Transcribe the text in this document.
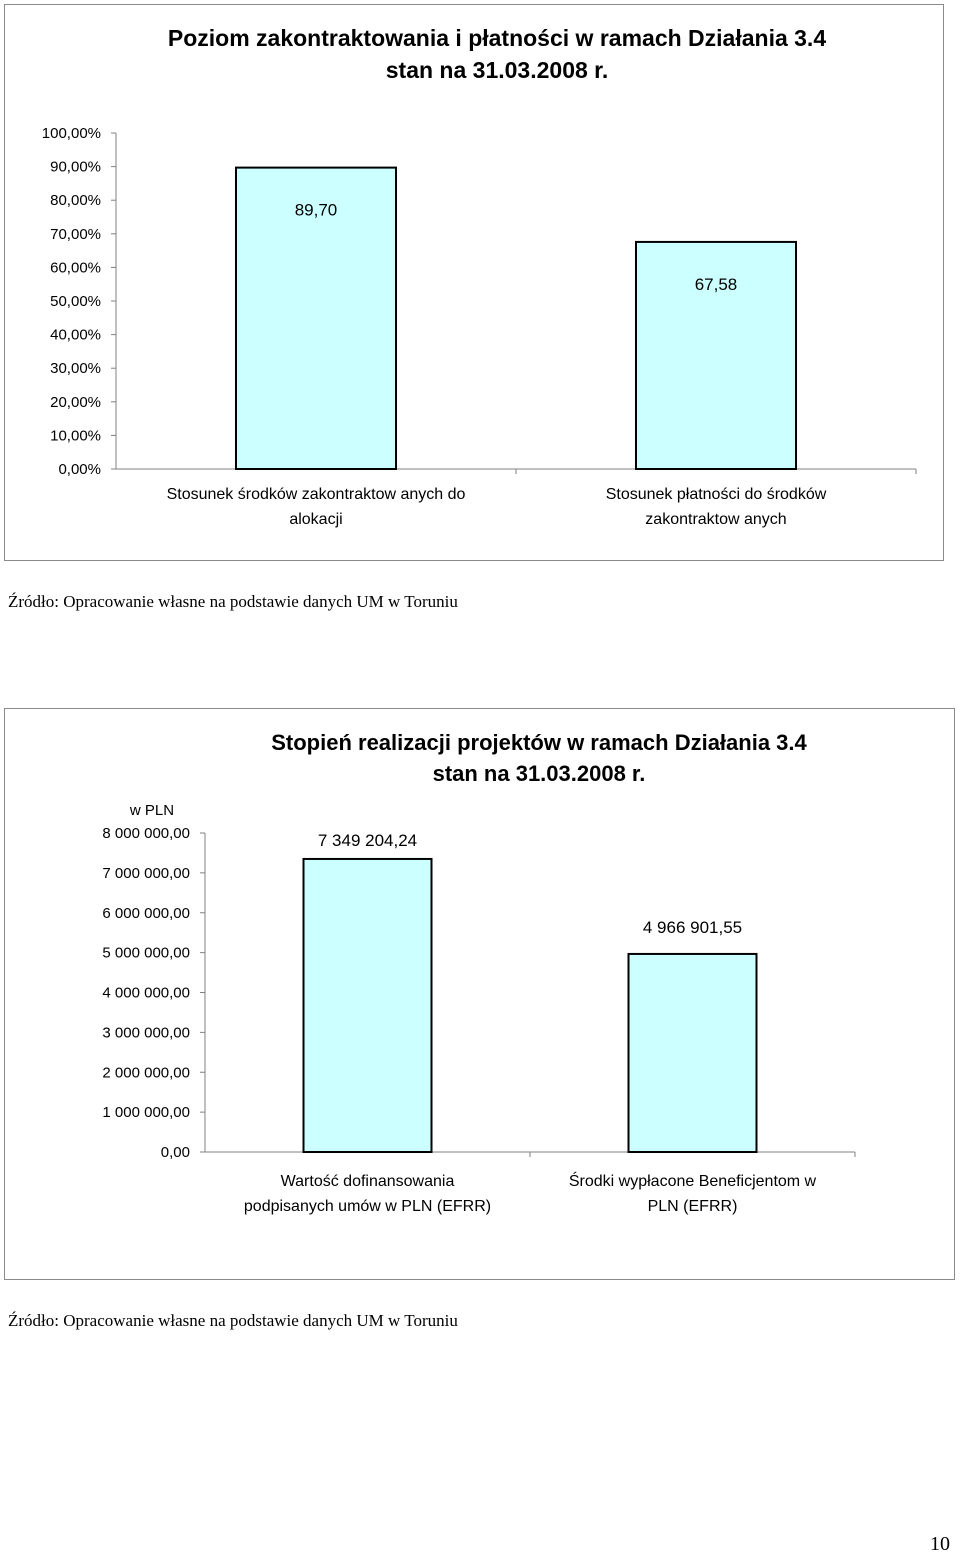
Poziom zakontraktowania i płatności w ramach Działania 3.4
stan na 31.03.2008 r.
0,00%
10,00%
20,00%
30,00%
40,00%
50,00%
60,00%
70,00%
80,00%
90,00%
100,00%
89,70
Stosunek środków zakontraktow anych do
alokacji
67,58
Stosunek płatności do środków
zakontraktow anych
Stopień realizacji projektów w ramach Działania 3.4
stan na 31.03.2008 r.
w PLN
0,00
1 000 000,00
2 000 000,00
3 000 000,00
4 000 000,00
5 000 000,00
6 000 000,00
7 000 000,00
8 000 000,00	7 349 204,24
Wartość dofinansowania
podpisanych umów w PLN (EFRR)
4 966 901,55
Środki wypłacone Beneficjentom w
PLN (EFRR)
Źródło: Opracowanie własne na podstawie danych UM w Toruniu
Źródło: Opracowanie własne na podstawie danych UM w Toruniu
10
